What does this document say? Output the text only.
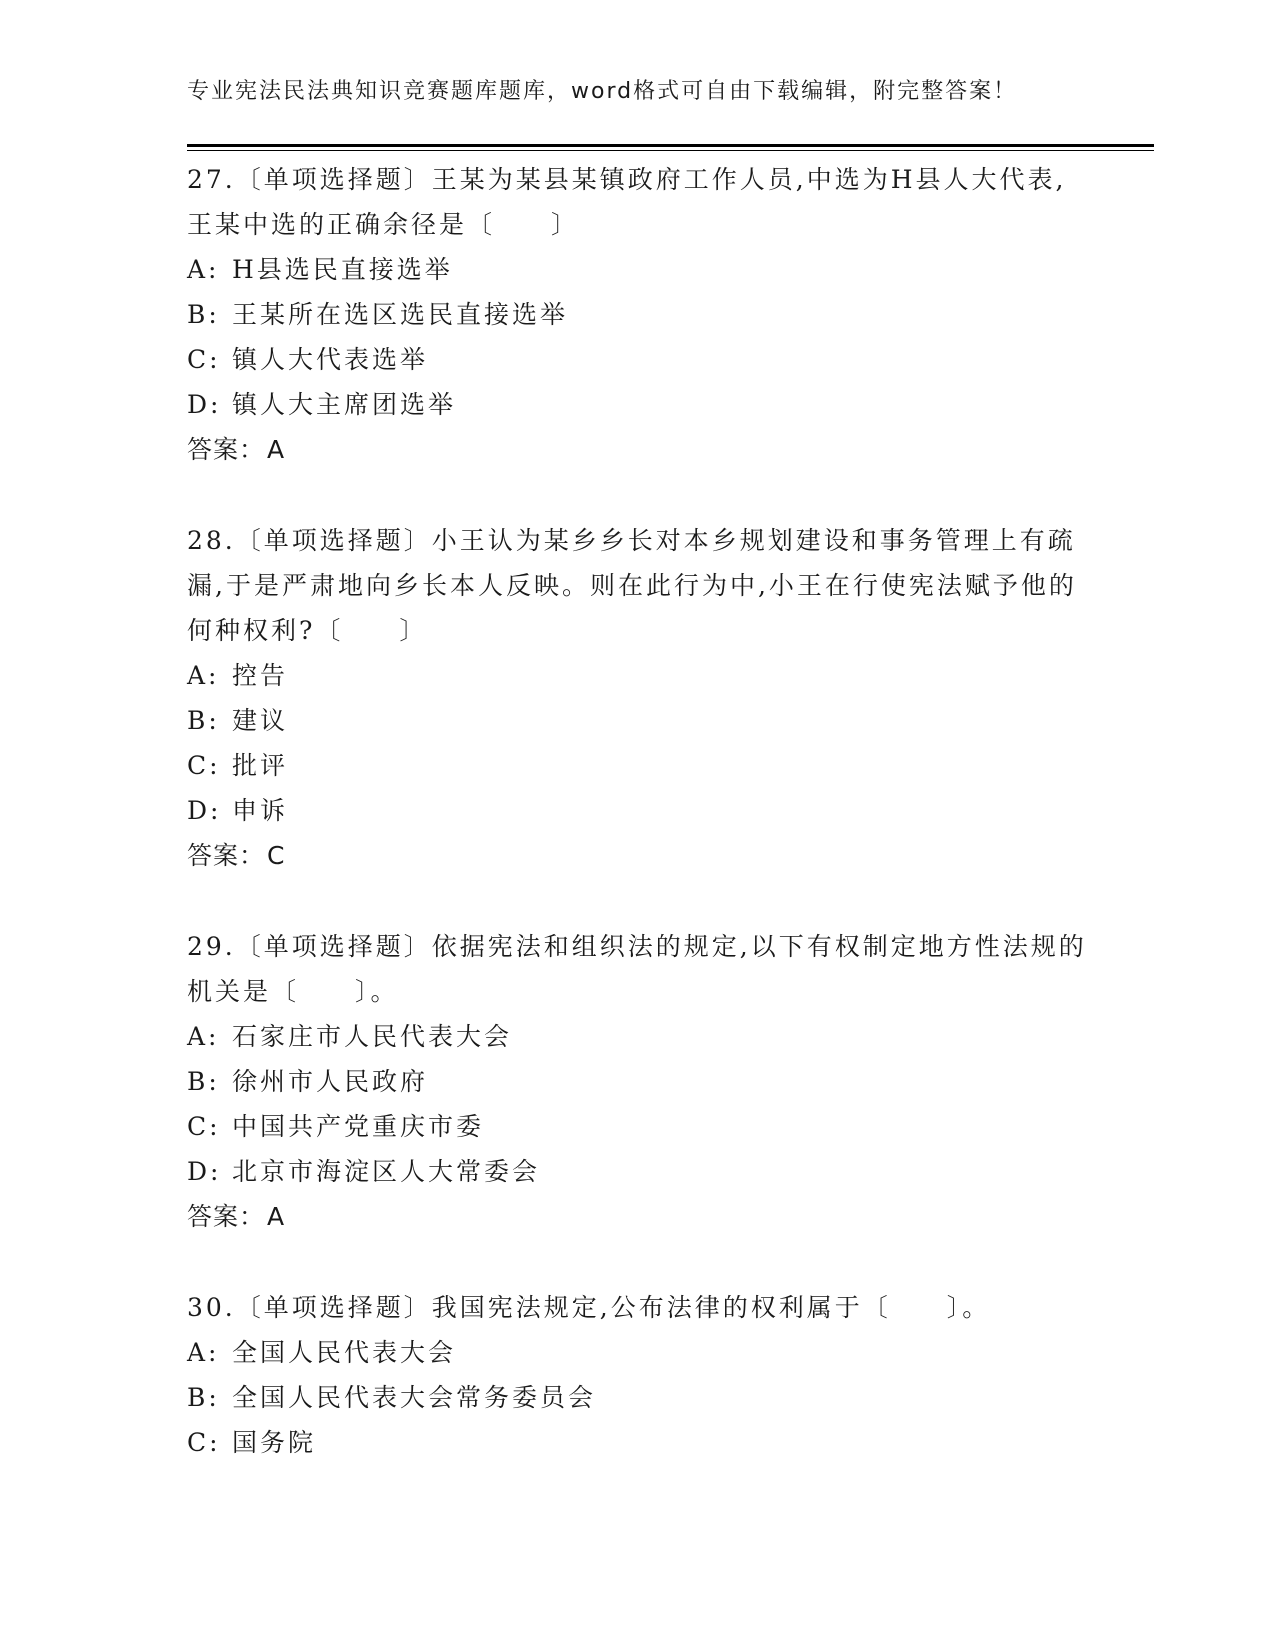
专业宪法民法典知识竞赛题库题库，word格式可自由下载编辑，附完整答案！
27.〔单项选择题〕王某为某县某镇政府工作人员,中选为H县人大代表,王某中选的正确余径是〔　　〕
A: H县选民直接选举
B: 王某所在选区选民直接选举
C: 镇人大代表选举
D: 镇人大主席团选举
答案：A
28.〔单项选择题〕小王认为某乡乡长对本乡规划建设和事务管理上有疏漏,于是严肃地向乡长本人反映。则在此行为中,小王在行使宪法赋予他的何种权利?〔　　〕
A: 控告
B: 建议
C: 批评
D: 申诉
答案：C
29.〔单项选择题〕依据宪法和组织法的规定,以下有权制定地方性法规的机关是〔　　〕。
A: 石家庄市人民代表大会
B: 徐州市人民政府
C: 中国共产党重庆市委
D: 北京市海淀区人大常委会
答案：A
30.〔单项选择题〕我国宪法规定,公布法律的权利属于〔　　〕。
A: 全国人民代表大会
B: 全国人民代表大会常务委员会
C: 国务院
